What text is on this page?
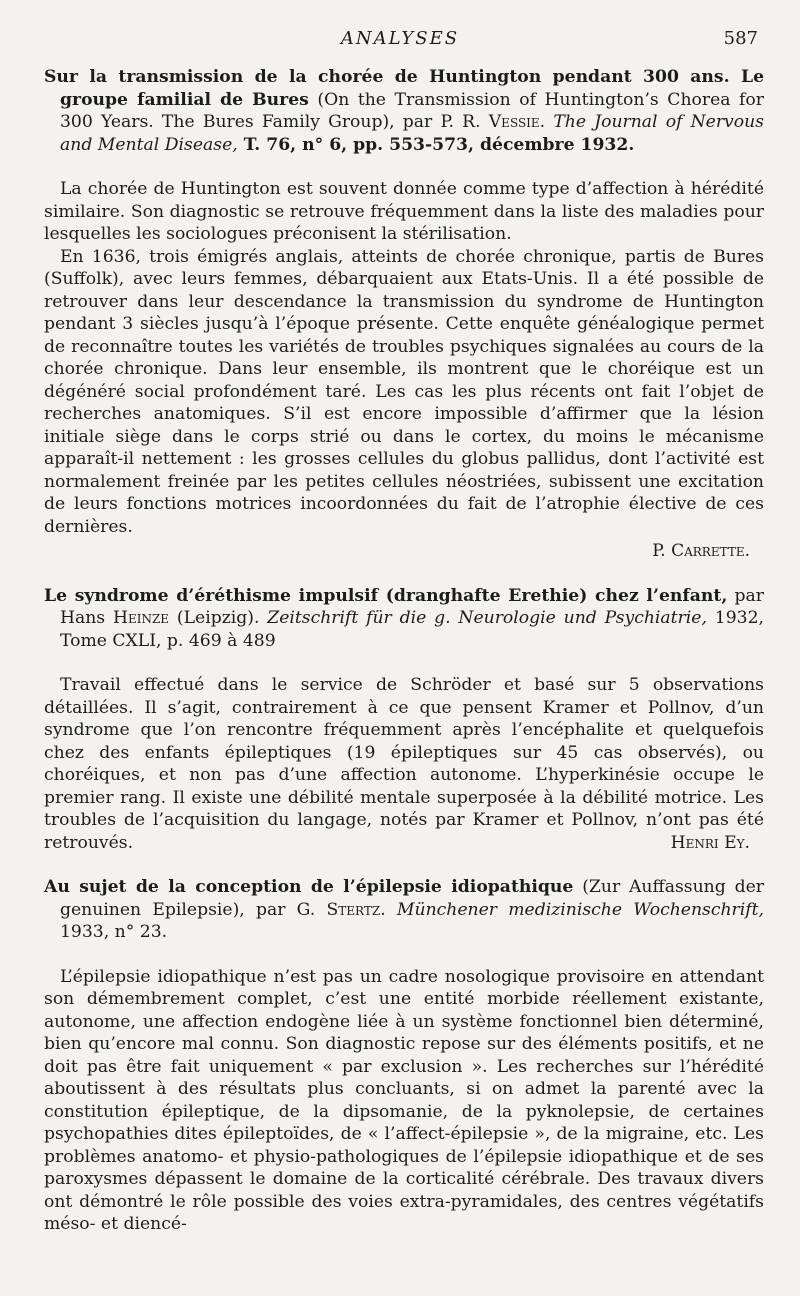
ANALYSES	587

Sur la transmission de la chorée de Huntington pendant 300 ans. Le groupe familial de Bures (On the Transmission of Huntington’s Chorea for 300 Years. The Bures Family Group), par P. R. Vessie. The Journal of Nervous and Mental Disease, T. 76, n° 6, pp. 553-573, décembre 1932.

La chorée de Huntington est souvent donnée comme type d’affection à hérédité similaire. Son diagnostic se retrouve fréquemment dans la liste des maladies pour lesquelles les sociologues préconisent la stérilisation.

En 1636, trois émigrés anglais, atteints de chorée chronique, partis de Bures (Suffolk), avec leurs femmes, débarquaient aux Etats-Unis. Il a été possible de retrouver dans leur descendance la transmission du syndrome de Huntington pendant 3 siècles jusqu’à l’époque présente. Cette enquête généalogique permet de reconnaître toutes les variétés de troubles psychiques signalées au cours de la chorée chronique. Dans leur ensemble, ils montrent que le choréique est un dégénéré social profondément taré. Les cas les plus récents ont fait l’objet de recherches anatomiques. S’il est encore impossible d’affirmer que la lésion initiale siège dans le corps strié ou dans le cortex, du moins le mécanisme apparaît-il nettement : les grosses cellules du globus pallidus, dont l’activité est normalement freinée par les petites cellules néostriées, subissent une excitation de leurs fonctions motrices incoordonnées du fait de l’atrophie élective de ces dernières.

P. Carrette.

Le syndrome d’éréthisme impulsif (dranghafte Erethie) chez l’enfant, par Hans Heinze (Leipzig). Zeitschrift für die g. Neurologie und Psychiatrie, 1932, Tome CXLI, p. 469 à 489

Travail effectué dans le service de Schröder et basé sur 5 observations détaillées. Il s’agit, contrairement à ce que pensent Kramer et Pollnov, d’un syndrome que l’on rencontre fréquemment après l’encéphalite et quelquefois chez des enfants épileptiques (19 épileptiques sur 45 cas observés), ou choréiques, et non pas d’une affection autonome. L’hyperkinésie occupe le premier rang. Il existe une débilité mentale superposée à la débilité motrice. Les troubles de l’acquisition du langage, notés par Kramer et Pollnov, n’ont pas été retrouvés.	Henri Ey.

Au sujet de la conception de l’épilepsie idiopathique (Zur Auffassung der genuinen Epilepsie), par G. Stertz. Münchener medizinische Wochenschrift, 1933, n° 23.

L’épilepsie idiopathique n’est pas un cadre nosologique provisoire en attendant son démembrement complet, c’est une entité morbide réellement existante, autonome, une affection endogène liée à un système fonctionnel bien déterminé, bien qu’encore mal connu. Son diagnostic repose sur des éléments positifs, et ne doit pas être fait uniquement « par exclusion ». Les recherches sur l’hérédité aboutissent à des résultats plus concluants, si on admet la parenté avec la constitution épileptique, de la dipsomanie, de la pyknolepsie, de certaines psychopathies dites épileptoïdes, de « l’affect-épilepsie », de la migraine, etc. Les problèmes anatomo- et physio-pathologiques de l’épilepsie idiopathique et de ses paroxysmes dépassent le domaine de la corticalité cérébrale. Des travaux divers ont démontré le rôle possible des voies extra-pyramidales, des centres végétatifs méso- et diencé-
